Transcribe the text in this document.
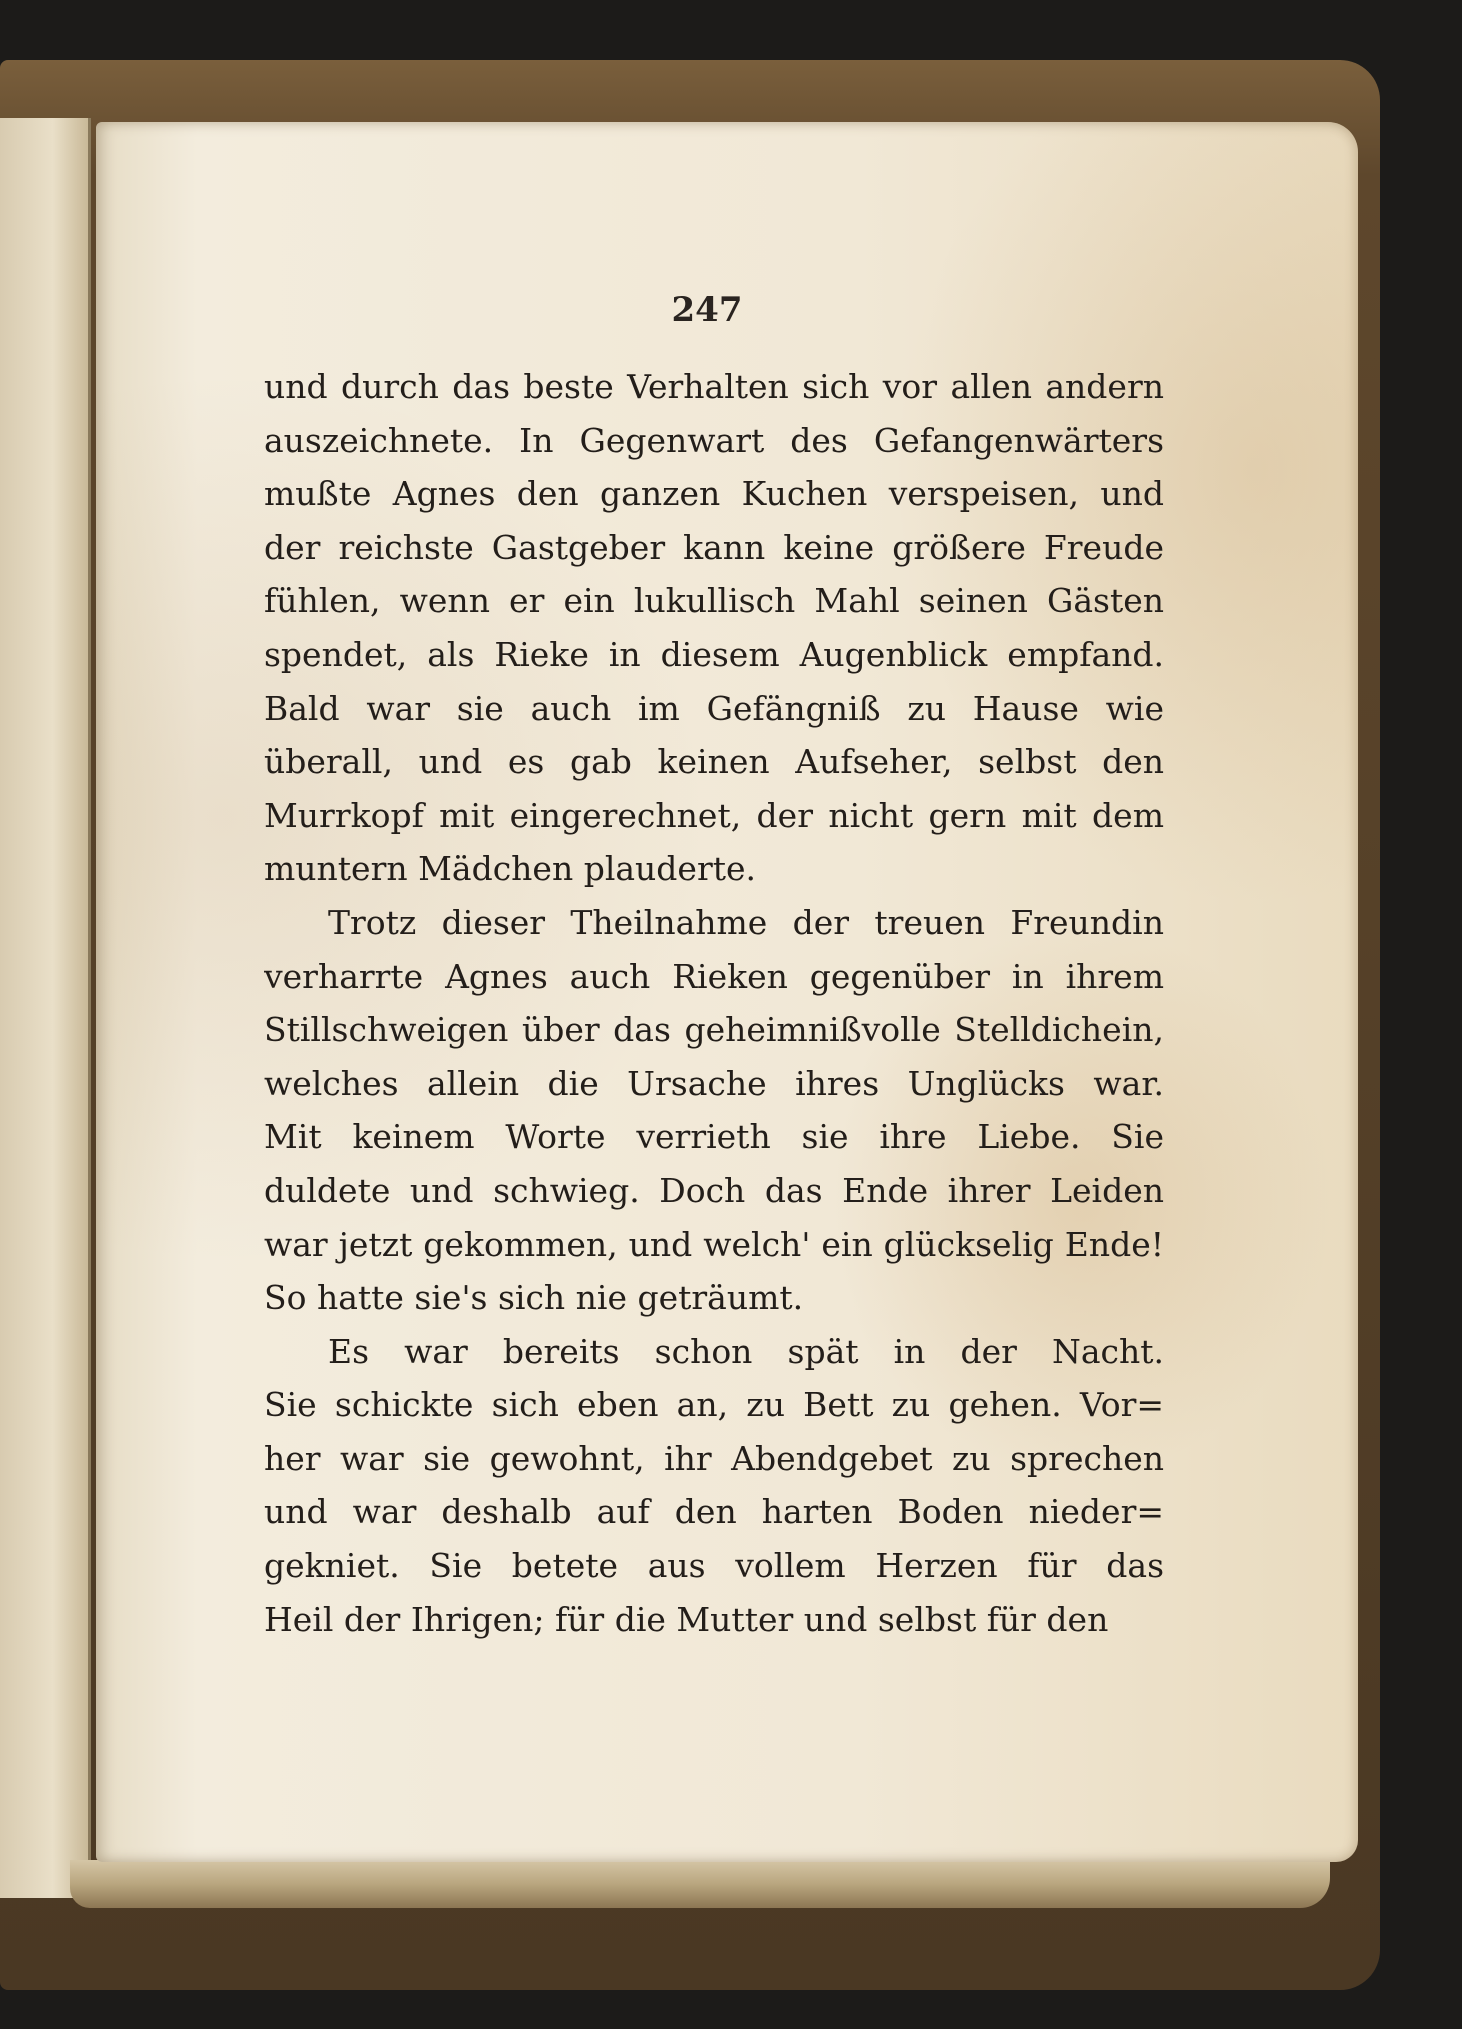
247
und durch das beste Verhalten sich vor allen andern
auszeichnete. In Gegenwart des Gefangenwärters
mußte Agnes den ganzen Kuchen verspeisen, und
der reichste Gastgeber kann keine größere Freude
fühlen, wenn er ein lukullisch Mahl seinen Gästen
spendet, als Rieke in diesem Augenblick empfand.
Bald war sie auch im Gefängniß zu Hause wie
überall, und es gab keinen Aufseher, selbst den
Murrkopf mit eingerechnet, der nicht gern mit dem
muntern Mädchen plauderte.
Trotz dieser Theilnahme der treuen Freundin
verharrte Agnes auch Rieken gegenüber in ihrem
Stillschweigen über das geheimnißvolle Stelldichein,
welches allein die Ursache ihres Unglücks war.
Mit keinem Worte verrieth sie ihre Liebe. Sie
duldete und schwieg. Doch das Ende ihrer Leiden
war jetzt gekommen, und welch' ein glückselig Ende!
So hatte sie's sich nie geträumt.
Es war bereits schon spät in der Nacht.
Sie schickte sich eben an, zu Bett zu gehen. Vor=
her war sie gewohnt, ihr Abendgebet zu sprechen
und war deshalb auf den harten Boden nieder=
gekniet. Sie betete aus vollem Herzen für das
Heil der Ihrigen; für die Mutter und selbst für den
